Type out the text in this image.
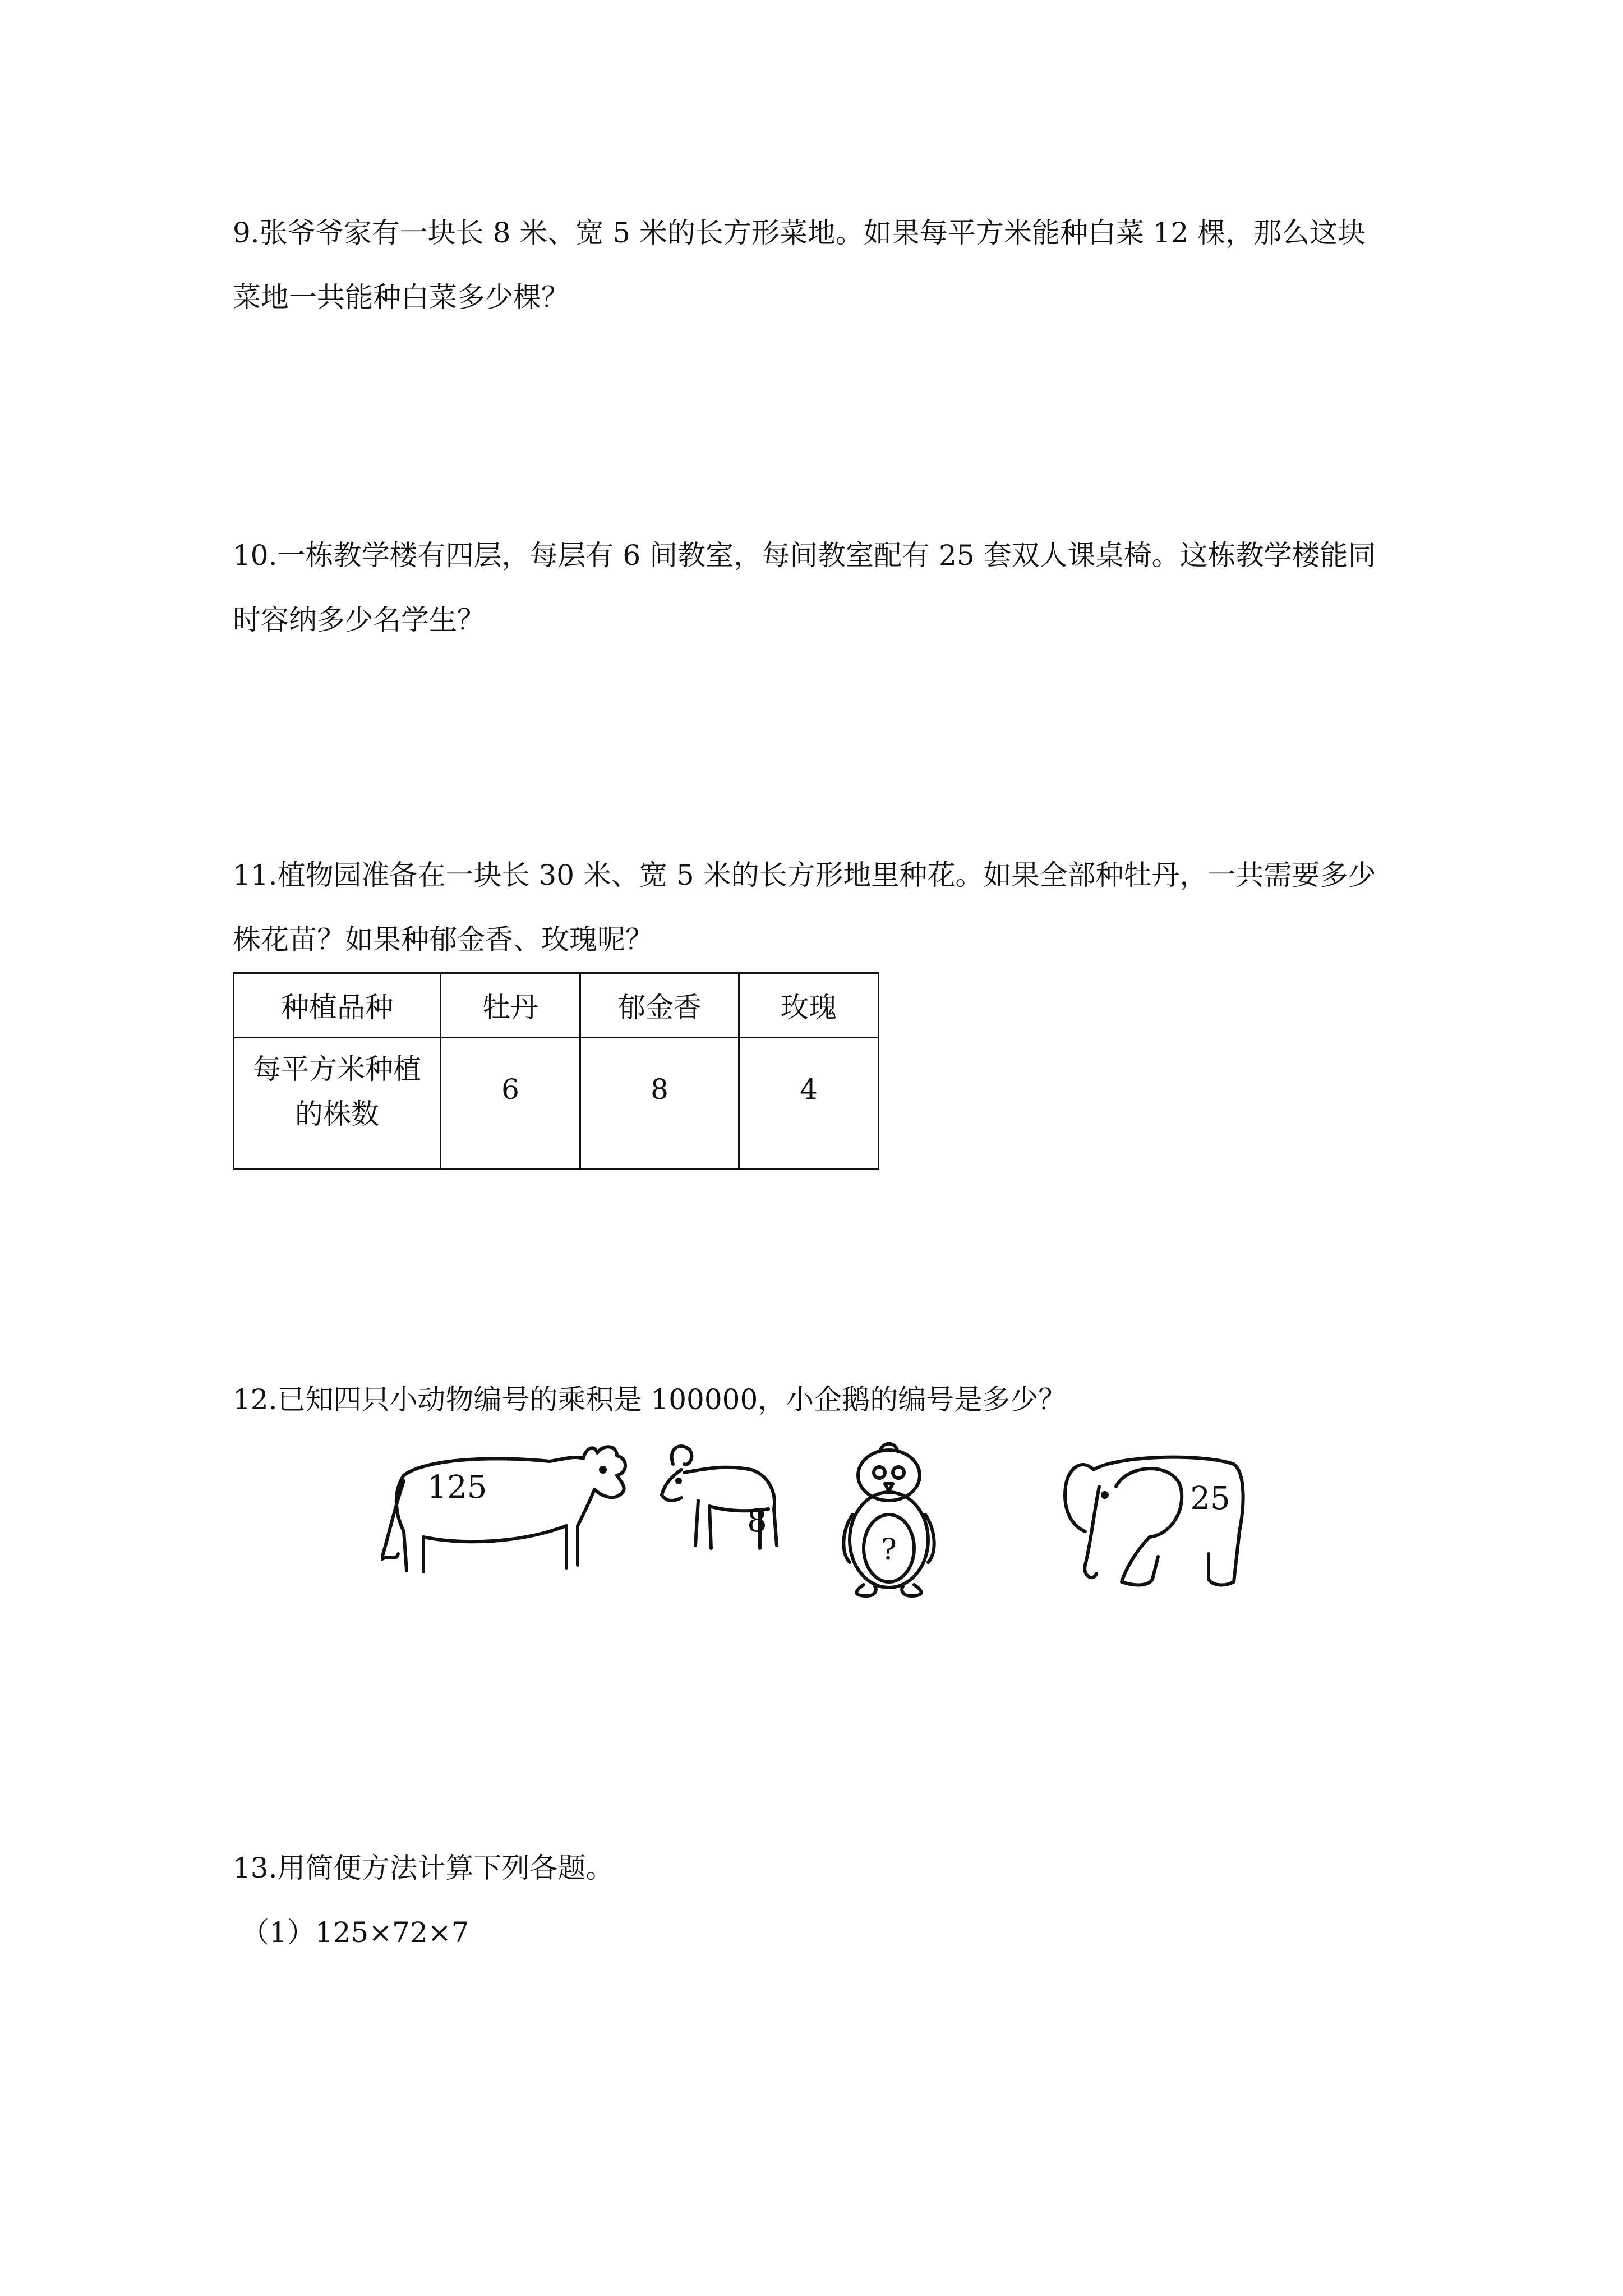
9.张爷爷家有一块长 8 米、宽 5 米的长方形菜地。如果每平方米能种白菜 12 棵，那么这块
菜地一共能种白菜多少棵？
10.一栋教学楼有四层，每层有 6 间教室，每间教室配有 25 套双人课桌椅。这栋教学楼能同
时容纳多少名学生？
11.植物园准备在一块长 30 米、宽 5 米的长方形地里种花。如果全部种牡丹，一共需要多少
株花苗？如果种郁金香、玫瑰呢？
种植品种	牡丹	郁金香	玫瑰

每平方米种植
的株数	6	8	4
12.已知四只小动物编号的乘积是 100000，小企鹅的编号是多少？
125
8
?
25
13.用简便方法计算下列各题。
（1）125×72×7
